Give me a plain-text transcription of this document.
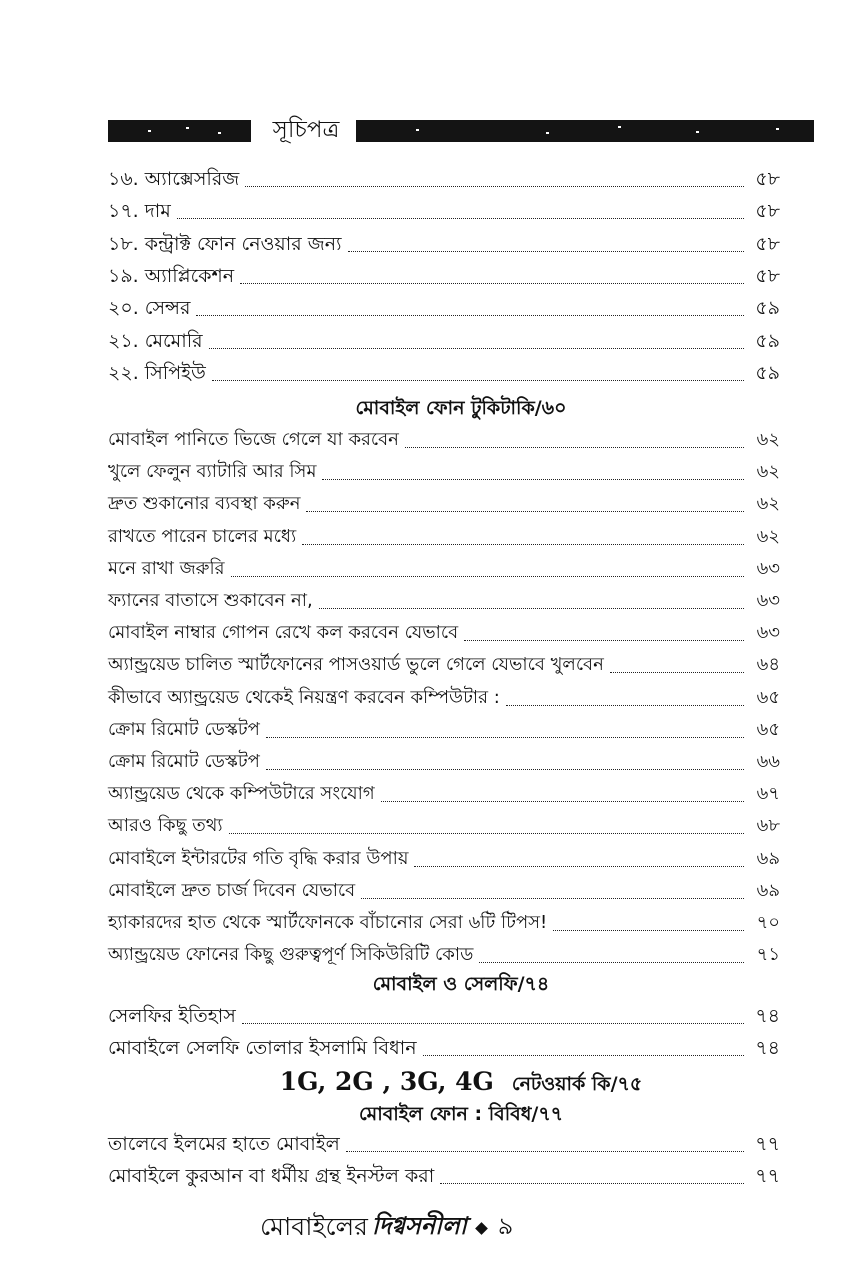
সূচিপত্র
১৬. অ্যাক্সেসরিজ	৫৮
১৭. দাম	৫৮
১৮. কন্ট্রাক্ট ফোন নেওয়ার জন্য	৫৮
১৯. অ্যাপ্লিকেশন	৫৮
২০. সেন্সর	৫৯
২১. মেমোরি	৫৯
২২. সিপিইউ	৫৯
মোবাইল ফোন টুকিটাকি/৬০
মোবাইল পানিতে ভিজে গেলে যা করবেন	৬২
খুলে ফেলুন ব্যাটারি আর সিম	৬২
দ্রুত শুকানোর ব্যবস্থা করুন	৬২
রাখতে পারেন চালের মধ্যে	৬২
মনে রাখা জরুরি	৬৩
ফ্যানের বাতাসে শুকাবেন না,	৬৩
মোবাইল নাম্বার গোপন রেখে কল করবেন যেভাবে	৬৩
অ্যান্ড্রয়েড চালিত স্মার্টফোনের পাসওয়ার্ড ভুলে গেলে যেভাবে খুলবেন	৬৪
কীভাবে অ্যান্ড্রয়েড থেকেই নিয়ন্ত্রণ করবেন কম্পিউটার :	৬৫
ক্রোম রিমোট ডেস্কটপ	৬৫
ক্রোম রিমোট ডেস্কটপ	৬৬
অ্যান্ড্রয়েড থেকে কম্পিউটারে সংযোগ	৬৭
আরও কিছু তথ্য	৬৮
মোবাইলে ইন্টারটের গতি বৃদ্ধি করার উপায়	৬৯
মোবাইলে দ্রুত চার্জ দিবেন যেভাবে	৬৯
হ্যাকারদের হাত থেকে স্মার্টফোনকে বাঁচানোর সেরা ৬টি টিপস!	৭০
অ্যান্ড্রয়েড ফোনের কিছু গুরুত্বপূর্ণ সিকিউরিটি কোড	৭১
মোবাইল ও সেলফি/৭৪
সেলফির ইতিহাস	৭৪
মোবাইলে সেলফি তোলার ইসলামি বিধান	৭৪
1G, 2G , 3G, 4G নেটওয়ার্ক কি/৭৫
মোবাইল ফোন : বিবিধ/৭৭
তালেবে ইলমের হাতে মোবাইল	৭৭
মোবাইলে কুরআন বা ধর্মীয় গ্রন্থ ইনস্টল করা	৭৭
মোবাইলের দিগ্বসনীলা ৯
